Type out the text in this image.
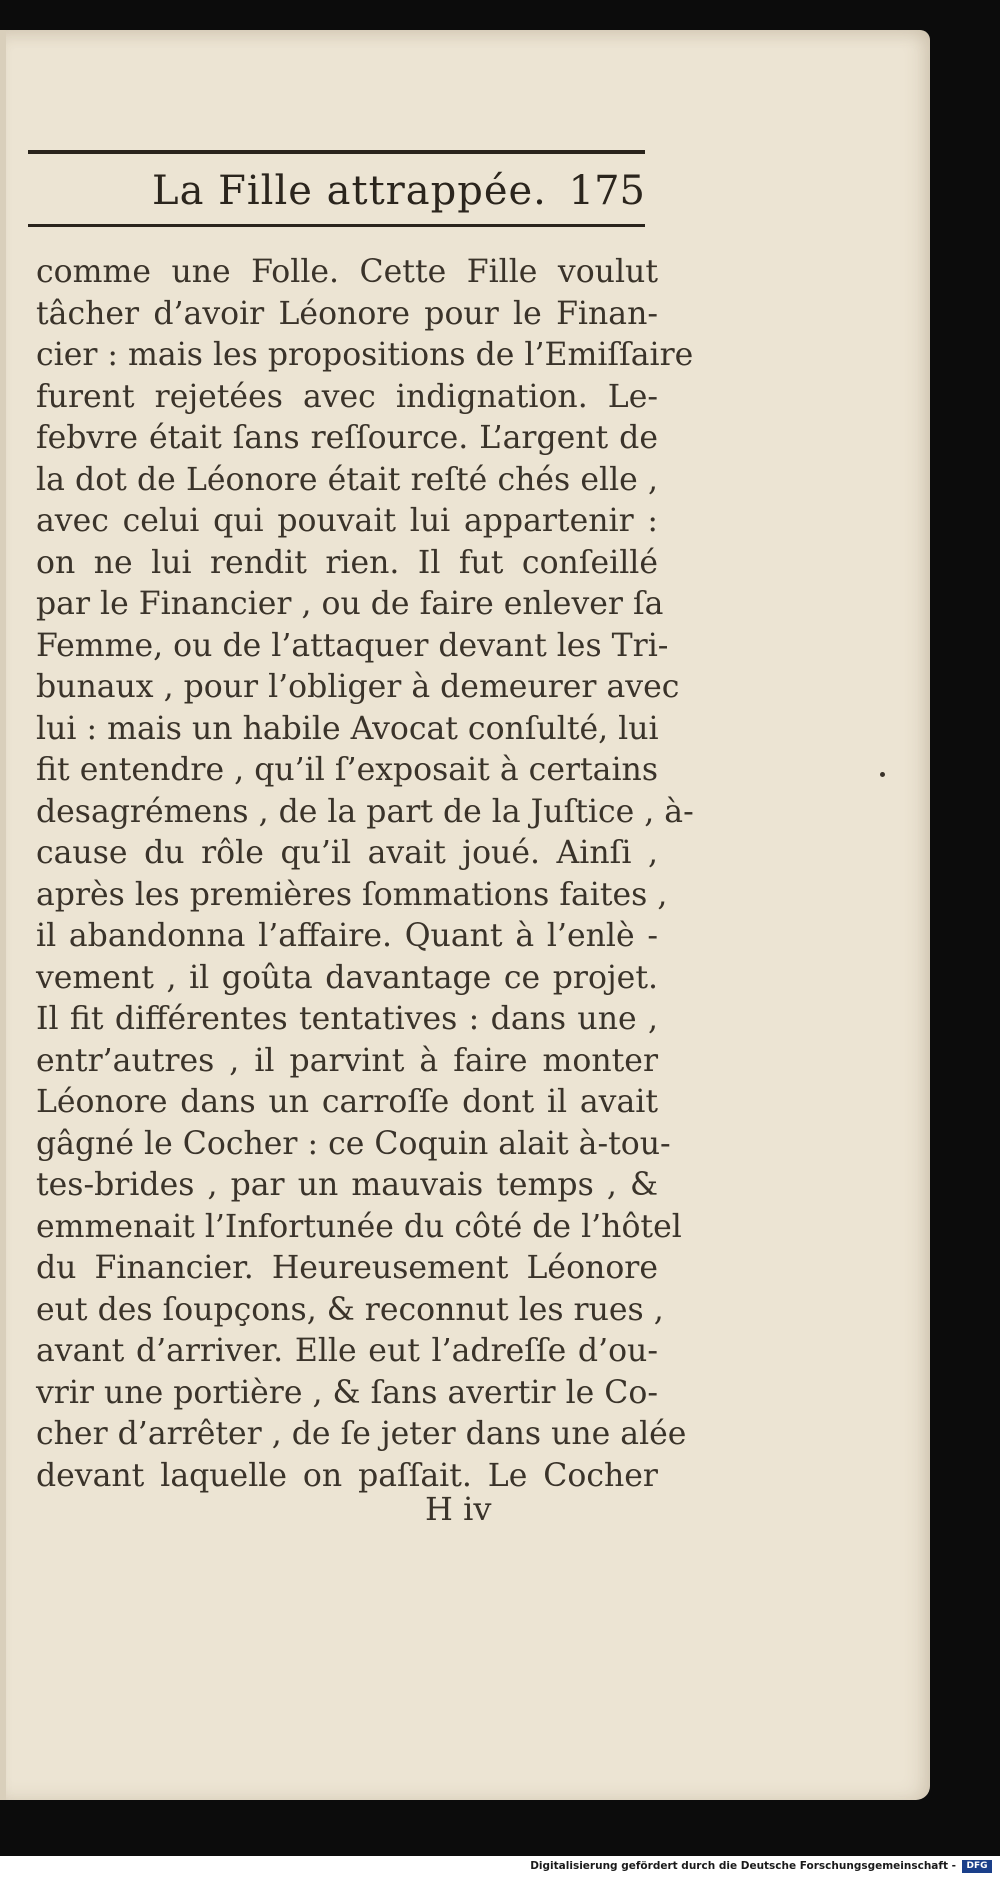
La Fille attrappée. 175
comme une Folle. Cette Fille voulut
tâcher d’avoir Léonore pour le Finan-
cier : mais les propositions de l’Emiſſaire
furent rejetées avec indignation. Le-
febvre était ſans reſſource. L’argent de
la dot de Léonore était reſté chés elle ,
avec celui qui pouvait lui appartenir :
on ne lui rendit rien. Il fut conſeillé
par le Financier , ou de faire enlever ſa
Femme, ou de l’attaquer devant les Tri-
bunaux , pour l’obliger à demeurer avec
lui : mais un habile Avocat conſulté, lui
fit entendre , qu’il ſ’exposait à certains
desagrémens , de la part de la Juſtice , à-
cause du rôle qu’il avait joué. Ainſi ,
après les premières ſommations faites ,
il abandonna l’affaire. Quant à l’enlè -
vement , il goûta davantage ce projet.
Il fit différentes tentatives : dans une ,
entr’autres , il parvint à faire monter
Léonore dans un carroſſe dont il avait
gâgné le Cocher : ce Coquin alait à-tou-
tes-brides , par un mauvais temps , &
emmenait l’Infortunée du côté de l’hôtel
du Financier. Heureusement Léonore
eut des ſoupçons, & reconnut les rues ,
avant d’arriver. Elle eut l’adreſſe d’ou-
vrir une portière , & ſans avertir le Co-
cher d’arrêter , de ſe jeter dans une alée
devant laquelle on paſſait. Le Cocher
H iv
Digitalisierung gefördert durch die Deutsche Forschungsgemeinschaft -	DFG
